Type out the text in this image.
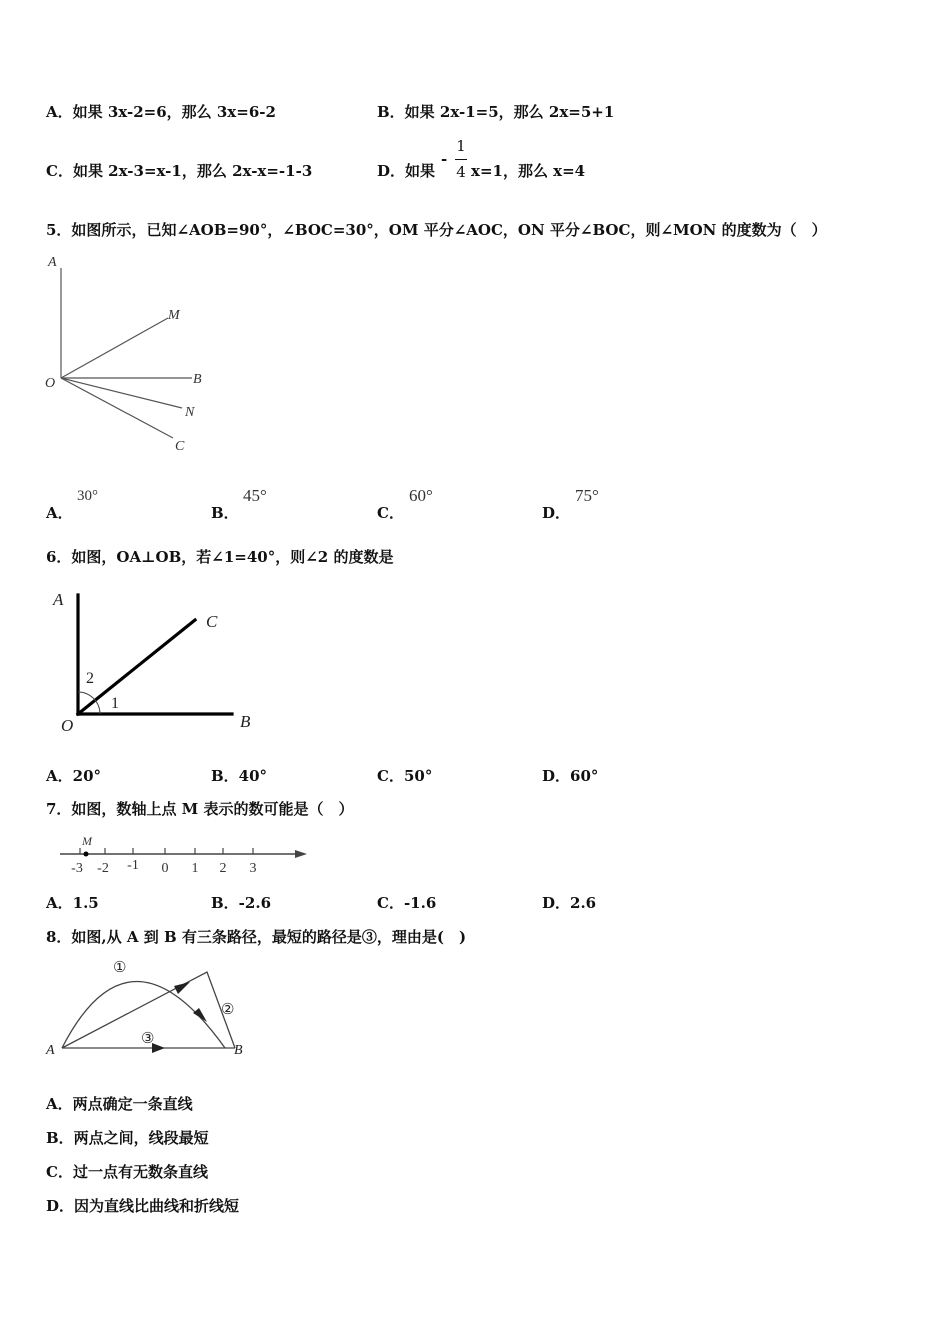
A．如果 3x-2=6，那么 3x=6-2	B．如果 2x-1=5，那么 2x=5+1
C．如果 2x-3=x-1，那么 2x-x=-1-3	D．如果
-
1
4 x=1，那么 x=4
5．如图所示，已知∠AOB=90°，∠BOC=30°，OM 平分∠AOC，ON 平分∠BOC，则∠MON 的度数为（　）
A
M
O	B
N
C
A．
30°
B．
45°
C．
60°
D．
75°
6．如图，OA⊥OB，若∠1=40°，则∠2 的度数是
A
C
O	B
2
1
A．20°	B．40°	C．50°	D．60°
7．如图，数轴上点 M 表示的数可能是（　）
M
-3 -2 -1 0 1 2 3
A．1.5	B．-2.6	C．-1.6	D．2.6
8．如图,从 A 到 B 有三条路径，最短的路径是③，理由是(　)
A	B
①
②
③
A．两点确定一条直线
B．两点之间，线段最短
C．过一点有无数条直线
D．因为直线比曲线和折线短
